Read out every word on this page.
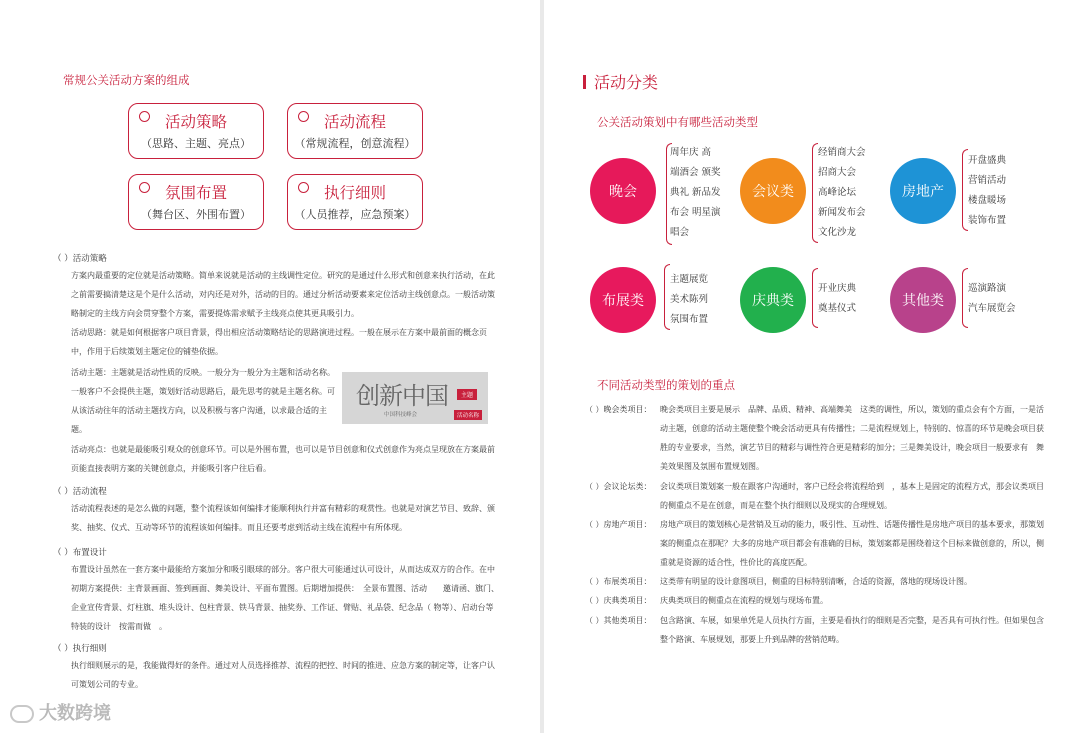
常规公关活动方案的组成
活动策略
（思路、主题、亮点）
活动流程
（常规流程，创意流程）
氛围布置
（舞台区、外围布置）
执行细则
（人员推荐，应急预案）
（ ）活动策略
方案内最重要的定位就是活动策略。简单来说就是活动的主线调性定位。研究的是通过什么形式和创意来执行活动，在此之前需要搞清楚这是个是什么活动，对内还是对外，活动的目的。通过分析活动要素来定位活动主线创意点。一般活动策略制定的主线方向会贯穿整个方案，需要提炼需求赋予主线亮点使其更具吸引力。
活动思路：就是如何根据客户项目背景，得出相应活动策略结论的思路演进过程。一般在展示在方案中最前面的概念页中，作用于后续策划主题定位的铺垫依据。
活动主题：主题就是活动性质的反映。一般分为一般分为主题和活动名称。一般客户不会提供主题，策划好活动思路后，最先思考的就是主题名称。可从该活动往年的活动主题找方向，以及积极与客户沟通，以求最合适的主题。
创新中国
中国科技峰会
主题
活动名称
活动亮点：也就是最能吸引观众的创意环节。可以是外围布置，也可以是节目创意和仪式创意作为亮点呈现放在方案最前页能直接表明方案的关键创意点，并能吸引客户往后看。
（ ）活动流程
活动流程表述的是怎么做的问题，整个流程该如何编排才能顺利执行并富有精彩的观赏性。也就是对演艺节目、致辞、颁奖、抽奖、仪式、互动等环节的流程该如何编排。而且还要考虑到活动主线在流程中有所体现。
（ ）布置设计
布置设计虽然在一套方案中最能给方案加分和吸引眼球的部分。客户很大可能通过认可设计，从而达成双方的合作。在中初期方案提供：主背景画面、签到画面、舞美设计、平面布置图。后期增加提供：　全景布置图、活动　　邀请函、旗门、企业宣传背景、灯柱旗、堆头设计、包柱背景、铁马背景、抽奖券、工作证、臂贴、礼品袋、纪念品（ 物等）、启动台等特装的设计　按需而做　。
（ ）执行细则
执行细则展示的是，我能做得好的条件。通过对人员选择推荐、流程的把控、时间的推进、应急方案的制定等，让客户认可策划公司的专业。
大数跨境
活动分类
公关活动策划中有哪些活动类型
晚会
周年庆 高
端酒会 颁奖
典礼 新品发
布会 明星演
唱会
会议类
经销商大会
招商大会
高峰论坛
新闻发布会
文化沙龙
房地产
开盘盛典
营销活动
楼盘暖场
装饰布置
布展类
主题展览
美术陈列
氛围布置
庆典类
开业庆典
奠基仪式	其他类
巡演路演
汽车展览会
不同活动类型的策划的重点
（ ）晚会类项目： 晚会类项目主要是展示　品牌、品质、精神、高端舞美　这类的调性，所以，策划的重点会有个方面，一是活动主题，创意的活动主题使整个晚会活动更具有传播性；二是流程规划上，特别的、惊喜的环节是晚会项目获胜的专业要求，当然，演艺节目的精彩与调性符合更是精彩的加分；三是舞美设计，晚会项目一般要求有　舞美效果图及氛围布置规划图。
（ ）会议论坛类： 会议类项目策划案一般在跟客户沟通时，客户已经会将流程给到　，基本上是固定的流程方式，那会议类项目的侧重点不是在创意，而是在整个执行细则以及现实的合理规划。
（ ）房地产项目： 房地产项目的策划核心是营销及互动的能力，吸引性、互动性、话题传播性是房地产项目的基本要求，那策划案的侧重点在那呢？大多的房地产项目都会有准确的目标，策划案都是围绕着这个目标来做创意的，所以，侧重就是资源的适合性，性价比的高度匹配。
（ ）布展类项目： 这类带有明显的设计意图项目，侧重的目标特别清晰，合适的资源，落地的现场设计图。
（ ）庆典类项目： 庆典类项目的侧重点在流程的规划与现场布置。
（ ）其他类项目： 包含路演、车展，如果单凭是人员执行方面，主要是看执行的细则是否完整，是否具有可执行性。但如果包含整个路演、车展规划，那要上升到品牌的营销范畴。
